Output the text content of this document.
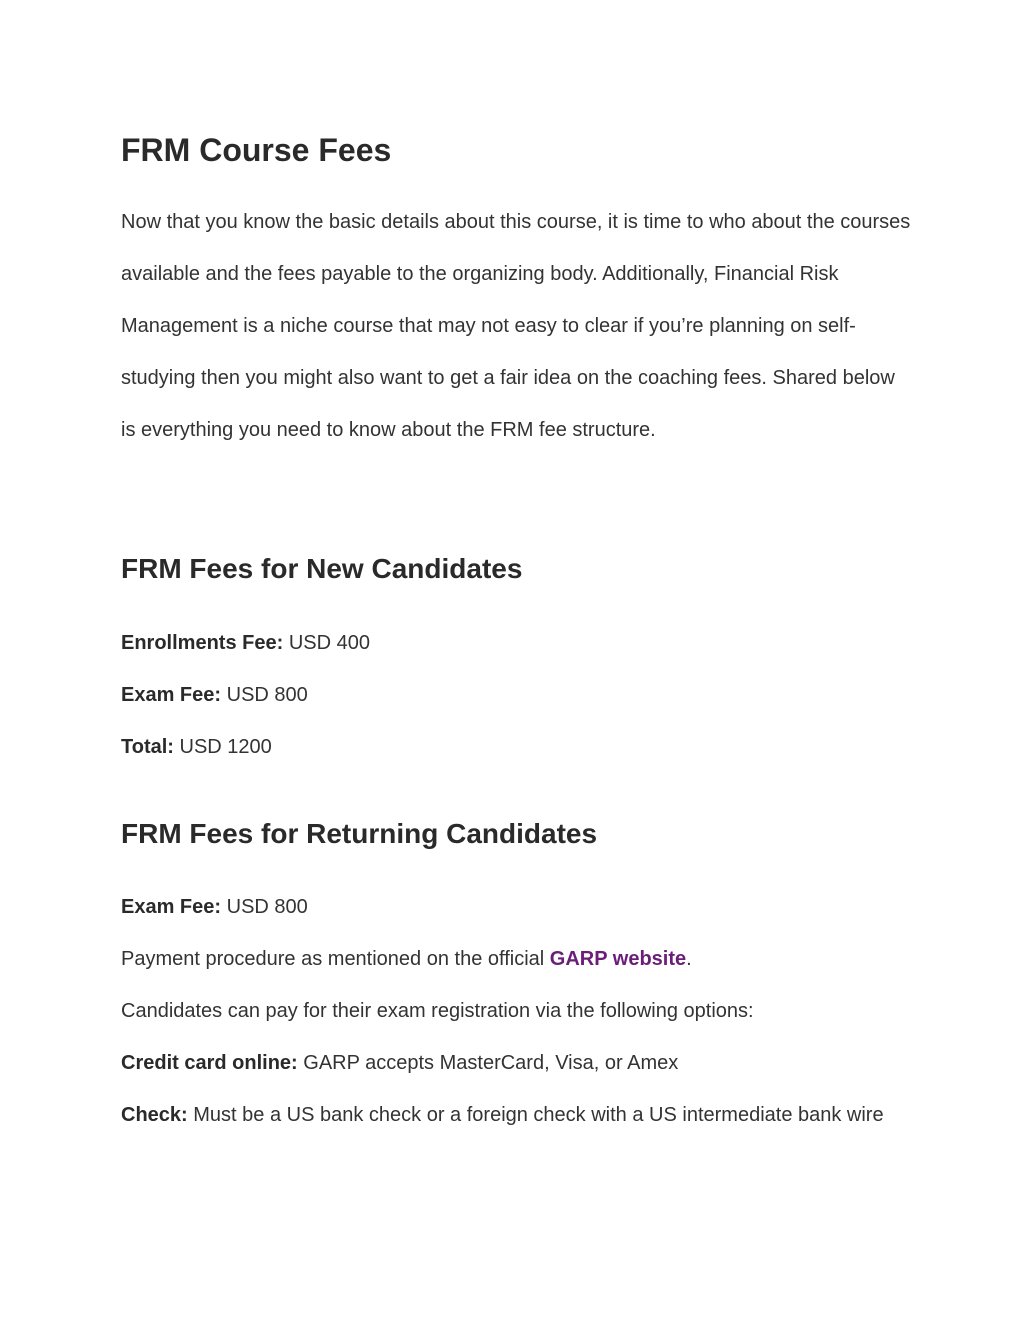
FRM Course Fees

Now that you know the basic details about this course, it is time to who about the courses available and the fees payable to the organizing body. Additionally, Financial Risk Management is a niche course that may not easy to clear if you’re planning on self-studying then you might also want to get a fair idea on the coaching fees. Shared below is everything you need to know about the FRM fee structure.

FRM Fees for New Candidates

Enrollments Fee: USD 400

Exam Fee: USD 800

Total: USD 1200

FRM Fees for Returning Candidates

Exam Fee: USD 800

Payment procedure as mentioned on the official GARP website.

Candidates can pay for their exam registration via the following options:

Credit card online: GARP accepts MasterCard, Visa, or Amex

Check: Must be a US bank check or a foreign check with a US intermediate bank wire
